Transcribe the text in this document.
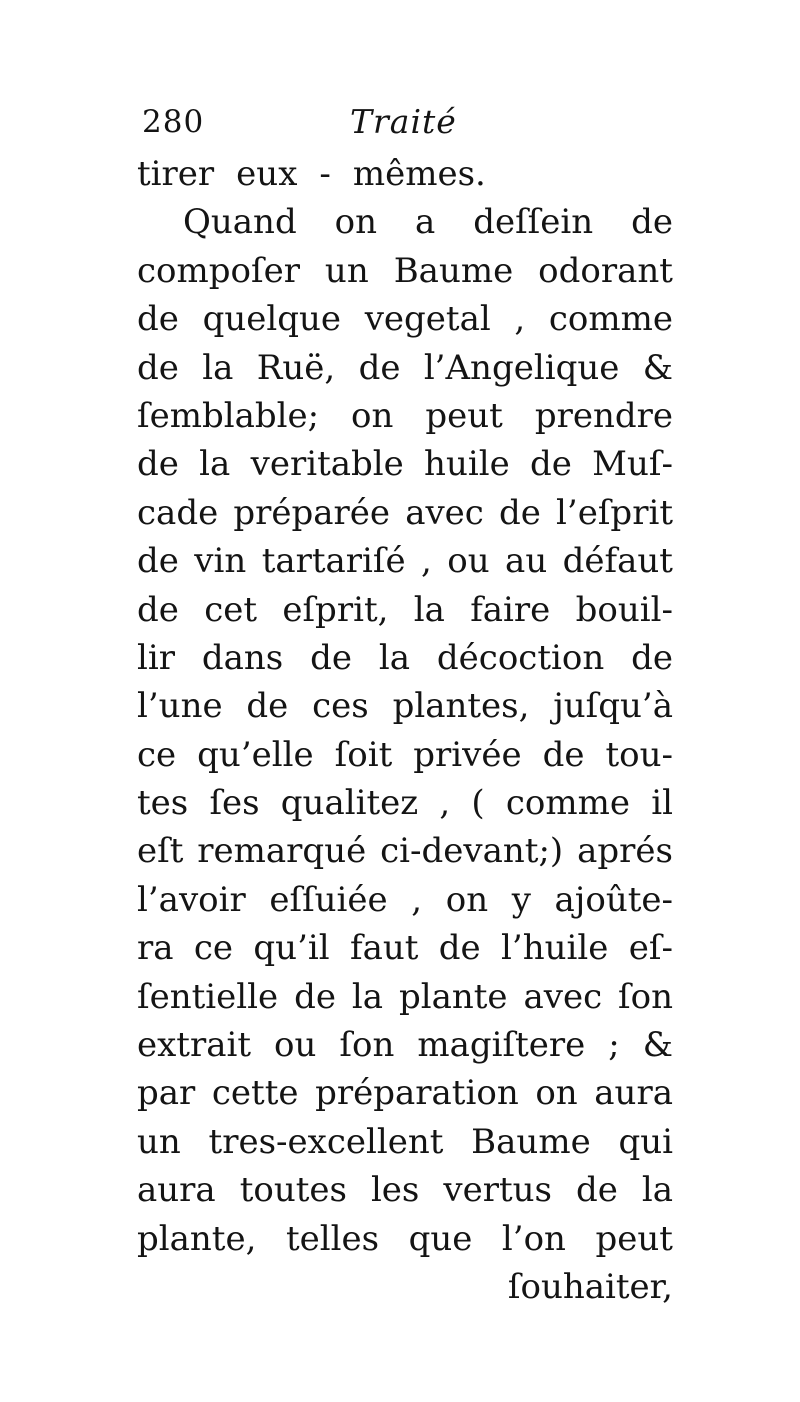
280	Traité
tirer eux - mêmes.
Quand on a deſſein de
compoſer un Baume odorant
de quelque vegetal , comme
de la Ruë, de l’Angelique &
ſemblable; on peut prendre
de la veritable huile de Muſ-
cade préparée avec de l’eſprit
de vin tartariſé , ou au défaut
de cet eſprit, la faire bouil-
lir dans de la décoction de
l’une de ces plantes, juſqu’à
ce qu’elle ſoit privée de tou-
tes ſes qualitez , ( comme il
eſt remarqué ci-devant;) aprés
l’avoir eſſuiée , on y ajoûte-
ra ce qu’il faut de l’huile eſ-
ſentielle de la plante avec ſon
extrait ou ſon magiſtere ; &
par cette préparation on aura
un tres-excellent Baume qui
aura toutes les vertus de la
plante, telles que l’on peut
ſouhaiter,
